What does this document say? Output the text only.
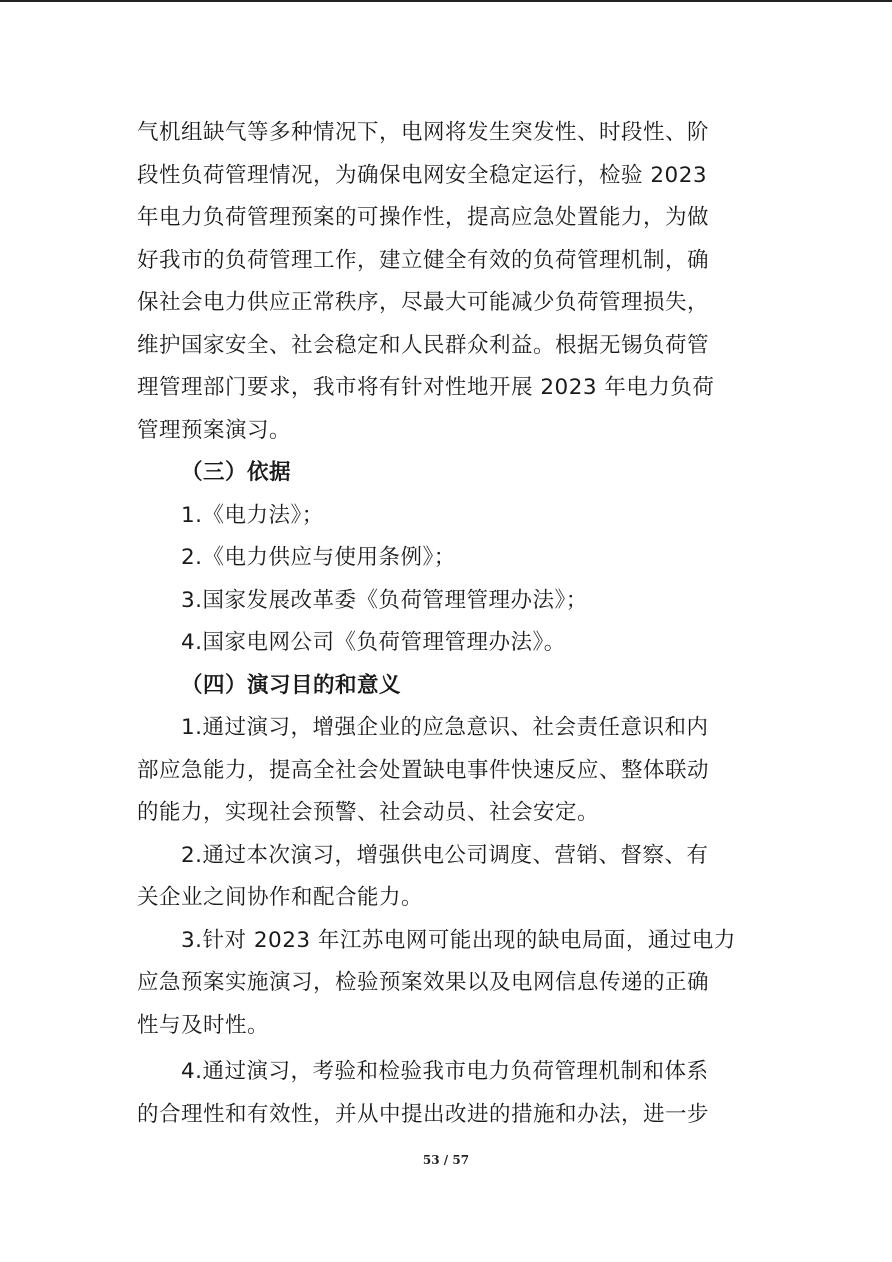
气机组缺气等多种情况下，电网将发生突发性、时段性、阶
段性负荷管理情况，为确保电网安全稳定运行，检验 2023
年电力负荷管理预案的可操作性，提高应急处置能力，为做
好我市的负荷管理工作，建立健全有效的负荷管理机制，确
保社会电力供应正常秩序，尽最大可能减少负荷管理损失，
维护国家安全、社会稳定和人民群众利益。根据无锡负荷管
理管理部门要求，我市将有针对性地开展 2023 年电力负荷
管理预案演习。
（三）依据
1.《电力法》；
2.《电力供应与使用条例》；
3.国家发展改革委《负荷管理管理办法》；
4.国家电网公司《负荷管理管理办法》。
（四）演习目的和意义
1.通过演习，增强企业的应急意识、社会责任意识和内
部应急能力，提高全社会处置缺电事件快速反应、整体联动
的能力，实现社会预警、社会动员、社会安定。
2.通过本次演习，增强供电公司调度、营销、督察、有
关企业之间协作和配合能力。
3.针对 2023 年江苏电网可能出现的缺电局面，通过电力
应急预案实施演习，检验预案效果以及电网信息传递的正确
性与及时性。
4.通过演习，考验和检验我市电力负荷管理机制和体系
的合理性和有效性，并从中提出改进的措施和办法，进一步
53 / 57
